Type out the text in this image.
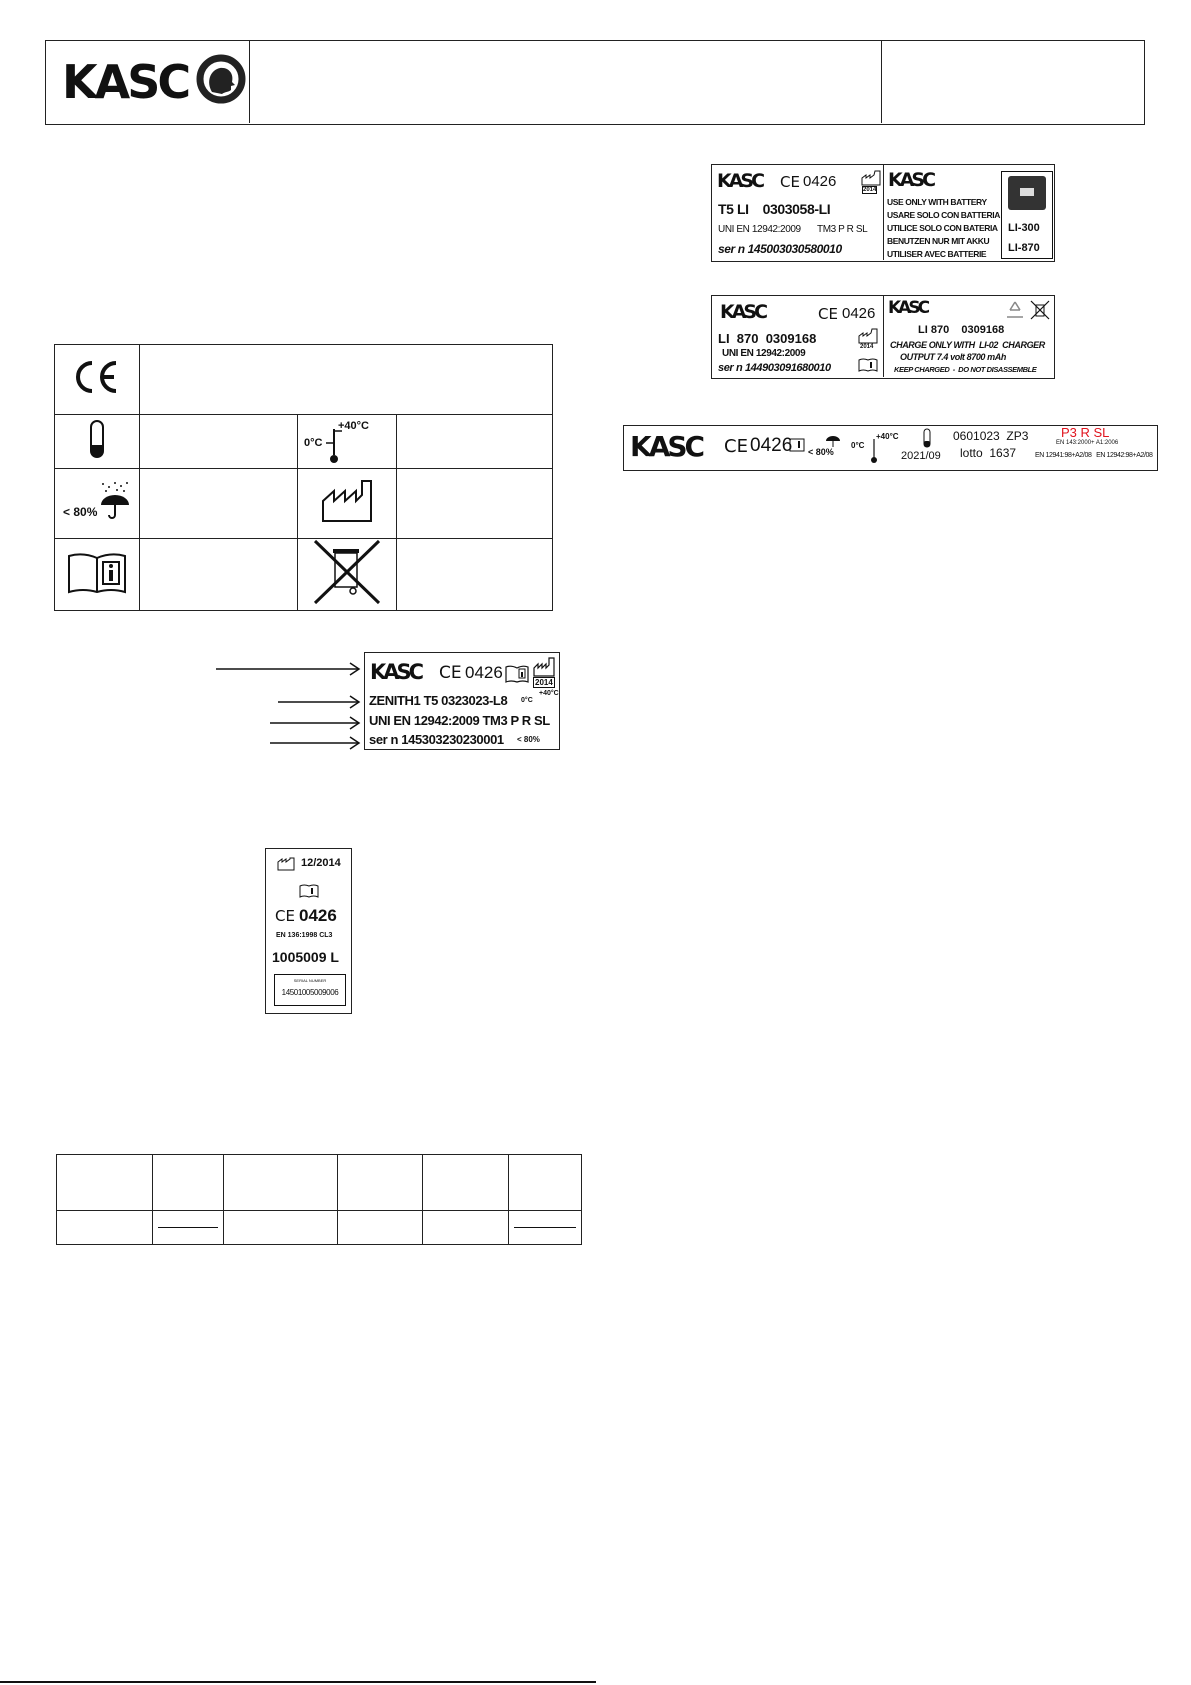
KASC

0°C
+40°C	

< 80%

KASC CE 0426
2014
ZENITH1 T5 0323023-L8 0°C
+40°C
UNI EN 12942:2009 TM3 P R SL
ser n 145303230230001 < 80%
12/2014
CE 0426
EN 136:1998 CL3
1005009 L
SERIAL NUMBER
14501005009006

KASC CE 0426	2014
T5 LI    0303058-LI
UNI EN 12942:2009 TM3 P R SL
ser n 145003030580010
KASC
USE ONLY WITH BATTERY
USARE SOLO CON BATTERIA
UTILICE SOLO CON BATERIA
BENUTZEN NUR MIT AKKU
UTILISER AVEC BATTERIE
LI-300
LI-870
KASC	CE 0426
LI  870  0309168
2014
UNI EN 12942:2009
ser n 144903091680010
KASC
LI 870    0309168
CHARGE ONLY WITH  LI-02  CHARGER
OUTPUT 7.4 volt 8700 mAh
KEEP CHARGED  -  DO NOT DISASSEMBLE
KASC CE 0426 < 80%
0°C
+40°C
2021/09
0601023  ZP3
lotto  1637
P3 R SL
EN 143:2000+ A1:2006
EN 12941:98+A2/08   EN 12942:98+A2/08
